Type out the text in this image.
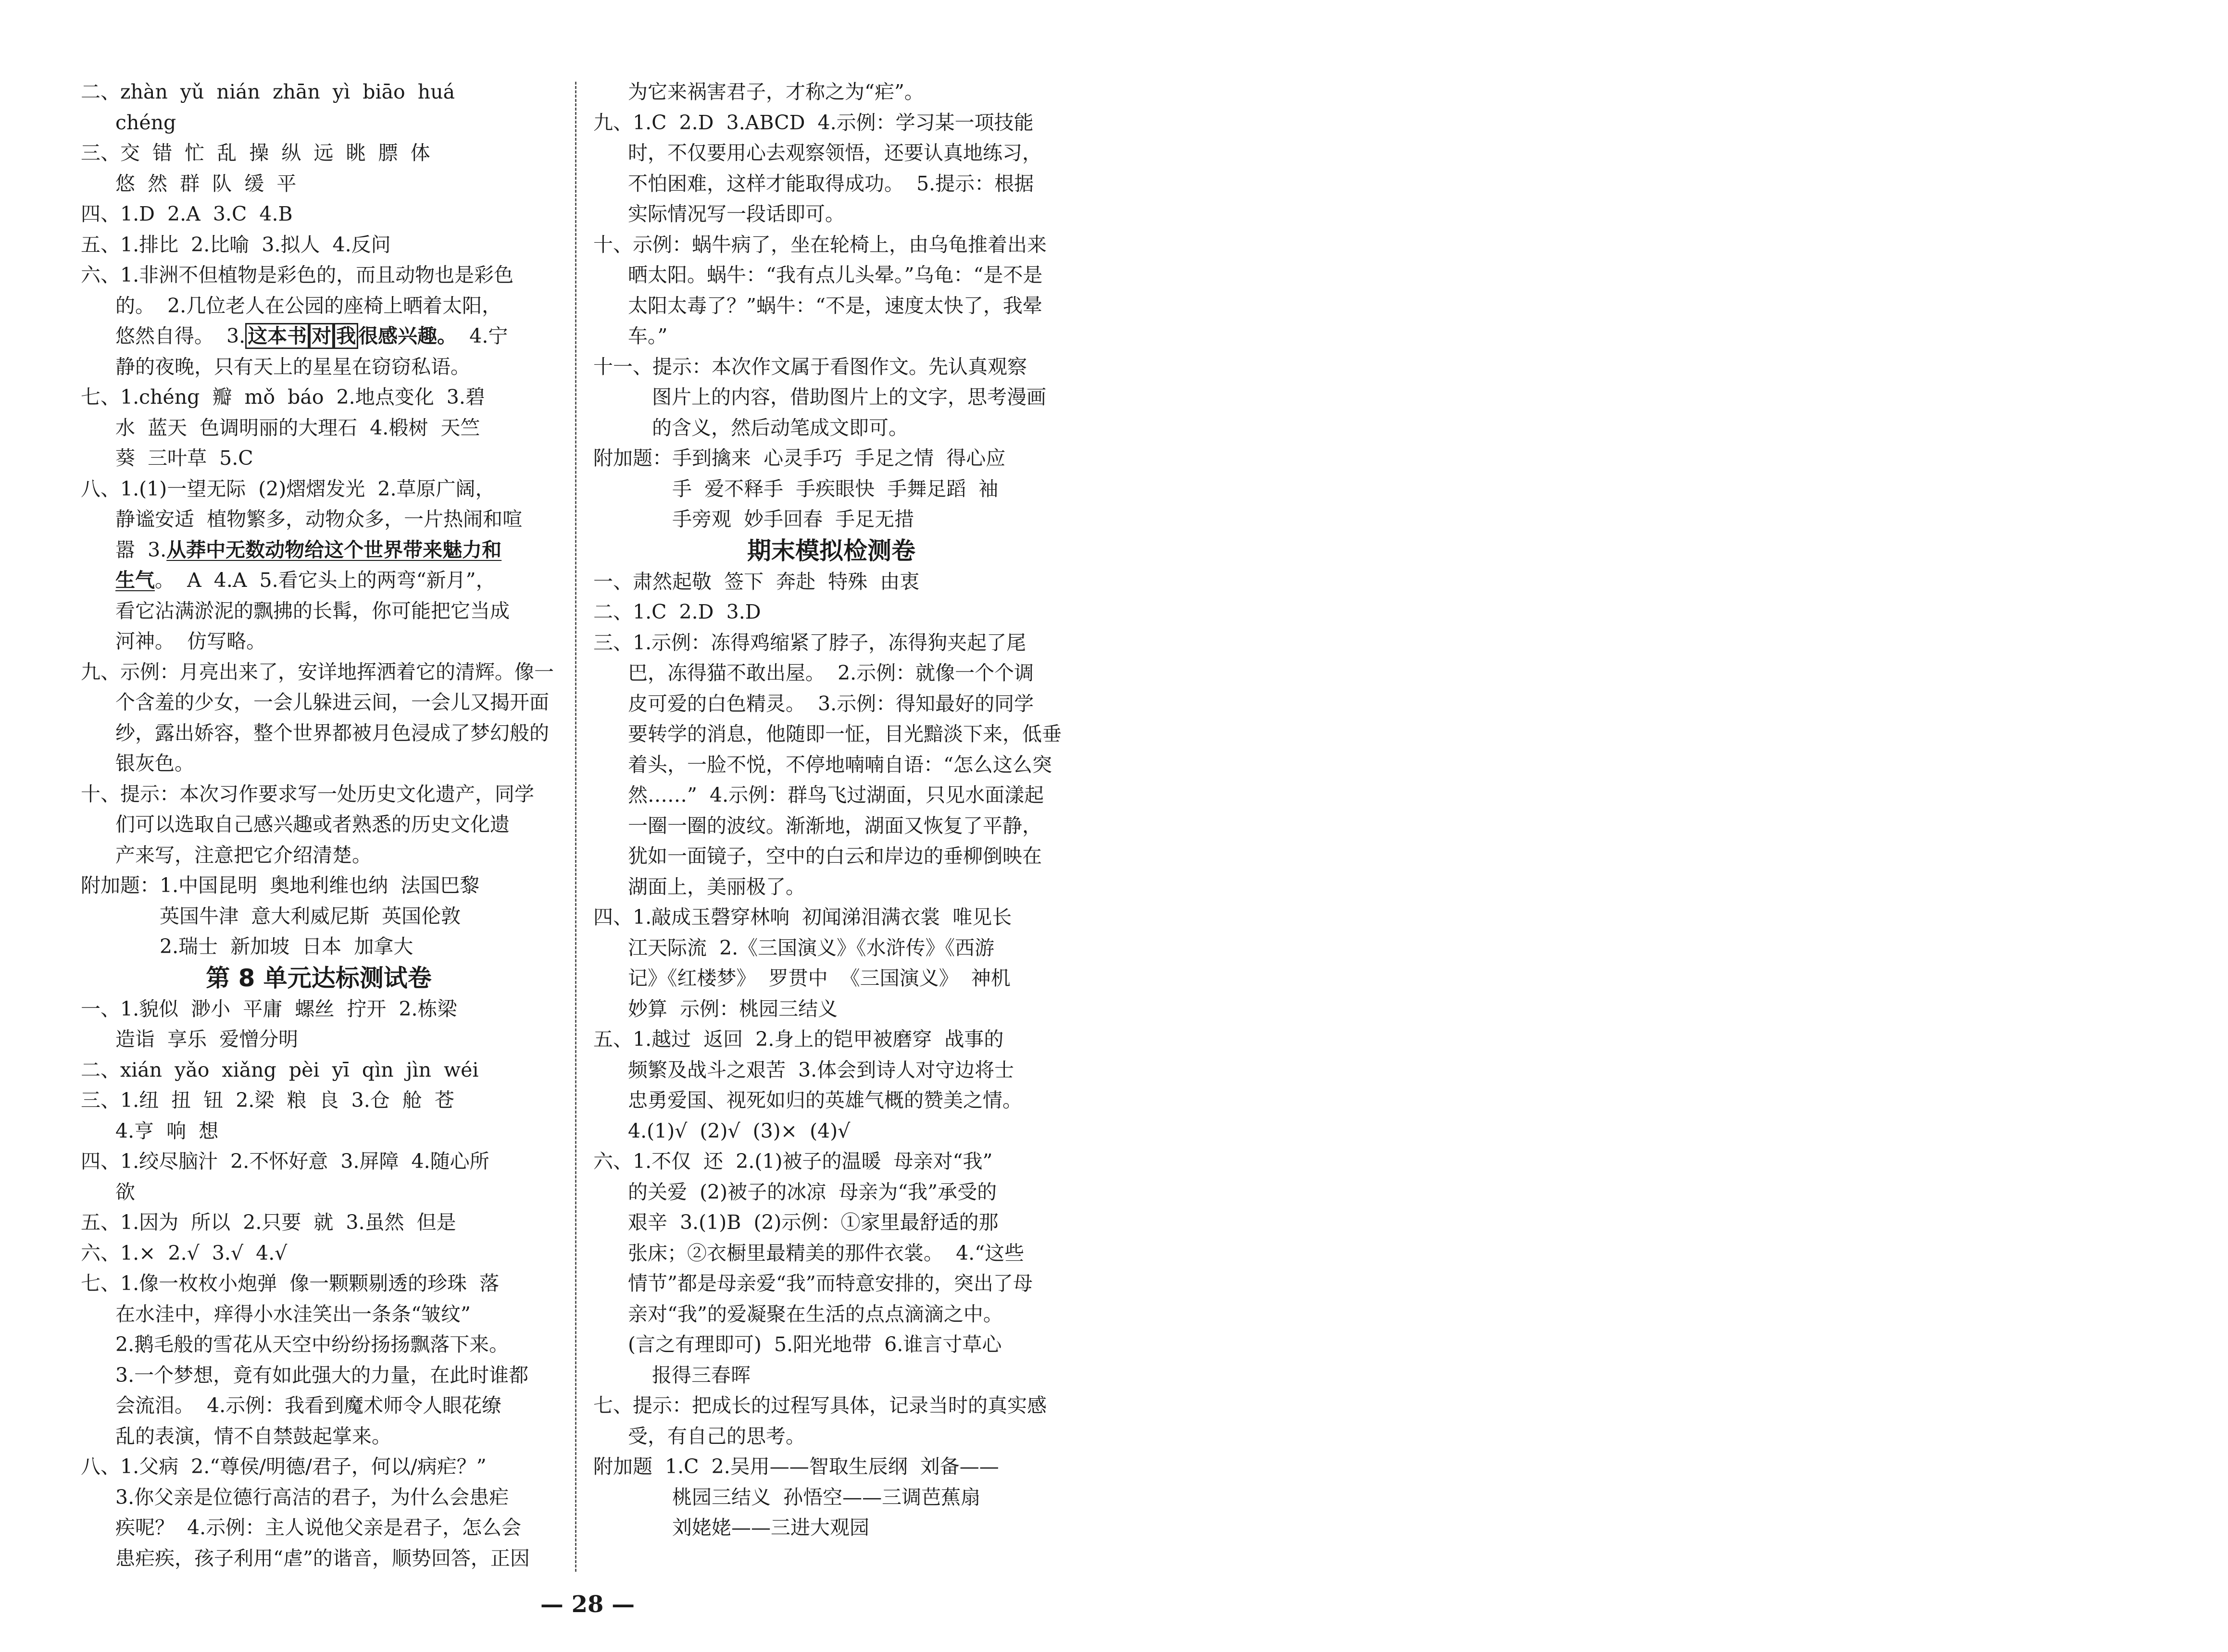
二、zhàn  yǔ  nián  zhān  yì  biāo  huá
chéng
三、交  错  忙  乱  操  纵  远  眺  膘  体
悠  然  群  队  缓  平
四、1.D  2.A  3.C  4.B
五、1.排比  2.比喻  3.拟人  4.反问
六、1.非洲不但植物是彩色的，而且动物也是彩色
的。  2.几位老人在公园的座椅上晒着太阳，
悠然自得。  3. 这本书 对 我 很感兴趣。  4.宁
静的夜晚，只有天上的星星在窃窃私语。
七、1.chéng  瓣  mǒ  báo  2.地点变化  3.碧
水  蓝天  色调明丽的大理石  4.椴树  天竺
葵  三叶草  5.C
八、1.(1)一望无际  (2)熠熠发光  2.草原广阔，
静谧安适  植物繁多，动物众多，一片热闹和喧
嚣  3.从莽中无数动物给这个世界带来魅力和
生气。  A  4.A  5.看它头上的两弯“新月”，
看它沾满淤泥的飘拂的长髯，你可能把它当成
河神。  仿写略。
九、示例：月亮出来了，安详地挥洒着它的清辉。像一
个含羞的少女，一会儿躲进云间，一会儿又揭开面
纱，露出娇容，整个世界都被月色浸成了梦幻般的
银灰色。
十、提示：本次习作要求写一处历史文化遗产，同学
们可以选取自己感兴趣或者熟悉的历史文化遗
产来写，注意把它介绍清楚。
附加题：1.中国昆明  奥地利维也纳  法国巴黎
英国牛津  意大利威尼斯  英国伦敦
2.瑞士  新加坡  日本  加拿大
第 8 单元达标测试卷
一、1.貌似  渺小  平庸  螺丝  拧开  2.栋梁
造诣  享乐  爱憎分明
二、xián  yǎo  xiǎng  pèi  yī  qìn  jìn  wéi
三、1.纽  扭  钮  2.梁  粮  良  3.仓  舱  苍
4.亨  响  想
四、1.绞尽脑汁  2.不怀好意  3.屏障  4.随心所
欲
五、1.因为  所以  2.只要  就  3.虽然  但是
六、1.×  2.√  3.√  4.√
七、1.像一枚枚小炮弹  像一颗颗剔透的珍珠  落
在水洼中，痒得小水洼笑出一条条“皱纹”
2.鹅毛般的雪花从天空中纷纷扬扬飘落下来。
3.一个梦想，竟有如此强大的力量，在此时谁都
会流泪。  4.示例：我看到魔术师令人眼花缭
乱的表演，情不自禁鼓起掌来。
八、1.父病  2.“尊侯/明德/君子，何以/病疟？”
3.你父亲是位德行高洁的君子，为什么会患疟
疾呢？  4.示例：主人说他父亲是君子，怎么会
患疟疾，孩子利用“虐”的谐音，顺势回答，正因
为它来祸害君子，才称之为“疟”。
九、1.C  2.D  3.ABCD  4.示例：学习某一项技能
时，不仅要用心去观察领悟，还要认真地练习，
不怕困难，这样才能取得成功。  5.提示：根据
实际情况写一段话即可。
十、示例：蜗牛病了，坐在轮椅上，由乌龟推着出来
晒太阳。蜗牛：“我有点儿头晕。”乌龟：“是不是
太阳太毒了？”蜗牛：“不是，速度太快了，我晕
车。”
十一、提示：本次作文属于看图作文。先认真观察
图片上的内容，借助图片上的文字，思考漫画
的含义，然后动笔成文即可。
附加题：手到擒来  心灵手巧  手足之情  得心应
手  爱不释手  手疾眼快  手舞足蹈  袖
手旁观  妙手回春  手足无措
期末模拟检测卷
一、肃然起敬  签下  奔赴  特殊  由衷
二、1.C  2.D  3.D
三、1.示例：冻得鸡缩紧了脖子，冻得狗夹起了尾
巴，冻得猫不敢出屋。  2.示例：就像一个个调
皮可爱的白色精灵。  3.示例：得知最好的同学
要转学的消息，他随即一怔，目光黯淡下来，低垂
着头，一脸不悦，不停地喃喃自语：“怎么这么突
然……”  4.示例：群鸟飞过湖面，只见水面漾起
一圈一圈的波纹。渐渐地，湖面又恢复了平静，
犹如一面镜子，空中的白云和岸边的垂柳倒映在
湖面上，美丽极了。
四、1.敲成玉磬穿林响  初闻涕泪满衣裳  唯见长
江天际流  2.《三国演义》《水浒传》《西游
记》《红楼梦》  罗贯中  《三国演义》  神机
妙算  示例：桃园三结义
五、1.越过  返回  2.身上的铠甲被磨穿  战事的
频繁及战斗之艰苦  3.体会到诗人对守边将士
忠勇爱国、视死如归的英雄气概的赞美之情。
4.(1)√  (2)√  (3)×  (4)√
六、1.不仅  还  2.(1)被子的温暖  母亲对“我”
的关爱  (2)被子的冰凉  母亲为“我”承受的
艰辛  3.(1)B  (2)示例：①家里最舒适的那
张床；②衣橱里最精美的那件衣裳。  4.“这些
情节”都是母亲爱“我”而特意安排的，突出了母
亲对“我”的爱凝聚在生活的点点滴滴之中。
(言之有理即可)  5.阳光地带  6.谁言寸草心
报得三春晖
七、提示：把成长的过程写具体，记录当时的真实感
受，有自己的思考。
附加题  1.C  2.吴用——智取生辰纲  刘备——
桃园三结义  孙悟空——三调芭蕉扇
刘姥姥——三进大观园
— 28 —
